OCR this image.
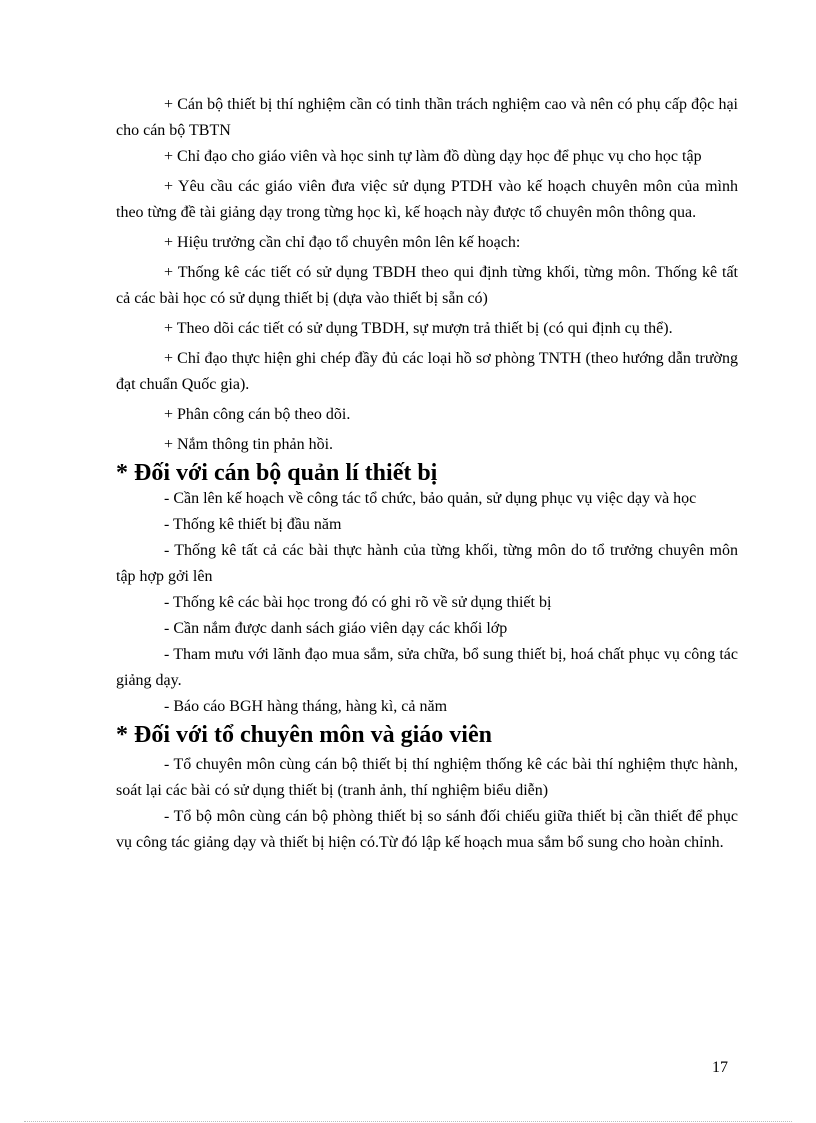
+ Cán bộ thiết bị thí nghiệm cần có tinh thần trách nghiệm cao và nên có phụ cấp độc hại cho cán bộ TBTN

+ Chỉ đạo cho giáo viên và học sinh tự làm đồ dùng dạy học để phục vụ cho học tập

+ Yêu cầu các giáo viên đưa việc sử dụng PTDH vào kế hoạch chuyên môn của mình theo từng đề tài giảng dạy trong từng học kì, kế hoạch này được tổ chuyên môn thông qua.

+ Hiệu trưởng cần chỉ đạo tổ chuyên môn lên kế hoạch:

+ Thống kê các tiết có sử dụng TBDH theo qui định từng khối, từng môn. Thống kê tất cả các bài học có sử dụng thiết bị (dựa vào thiết bị sẵn có)

+ Theo dõi các tiết có sử dụng TBDH, sự mượn trả thiết bị (có qui định cụ thể).

+ Chỉ đạo thực hiện ghi chép đầy đủ các loại hồ sơ phòng TNTH (theo hướng dẫn trường đạt chuẩn Quốc gia).

+ Phân công cán bộ theo dõi.

+ Nắm thông tin phản hồi.

* Đối với cán bộ quản lí thiết bị

- Cần lên kế hoạch về công tác tổ chức, bảo quản, sử dụng phục vụ việc dạy và học

- Thống kê thiết bị đầu năm

- Thống kê tất cả các bài thực hành của từng khối, từng môn do tổ trưởng chuyên môn tập hợp gởi lên

- Thống kê các bài học trong đó có ghi rõ về sử dụng thiết bị

- Cần nắm được danh sách giáo viên dạy các khối lớp

- Tham mưu với lãnh đạo mua sắm, sửa chữa, bổ sung thiết bị, hoá chất phục vụ công tác giảng dạy.

- Báo cáo BGH hàng tháng, hàng kì, cả năm

* Đối với tổ chuyên môn và giáo viên

- Tổ chuyên môn cùng cán bộ thiết bị thí nghiệm thống kê các bài thí nghiệm thực hành, soát lại các bài có sử dụng thiết bị (tranh ảnh, thí nghiệm biểu diễn)

- Tổ bộ môn cùng cán bộ phòng thiết bị so sánh đối chiếu giữa thiết bị cần thiết để phục vụ công tác giảng dạy và thiết bị hiện có.Từ đó lập kế hoạch mua sắm bổ sung cho hoàn chỉnh.

17
